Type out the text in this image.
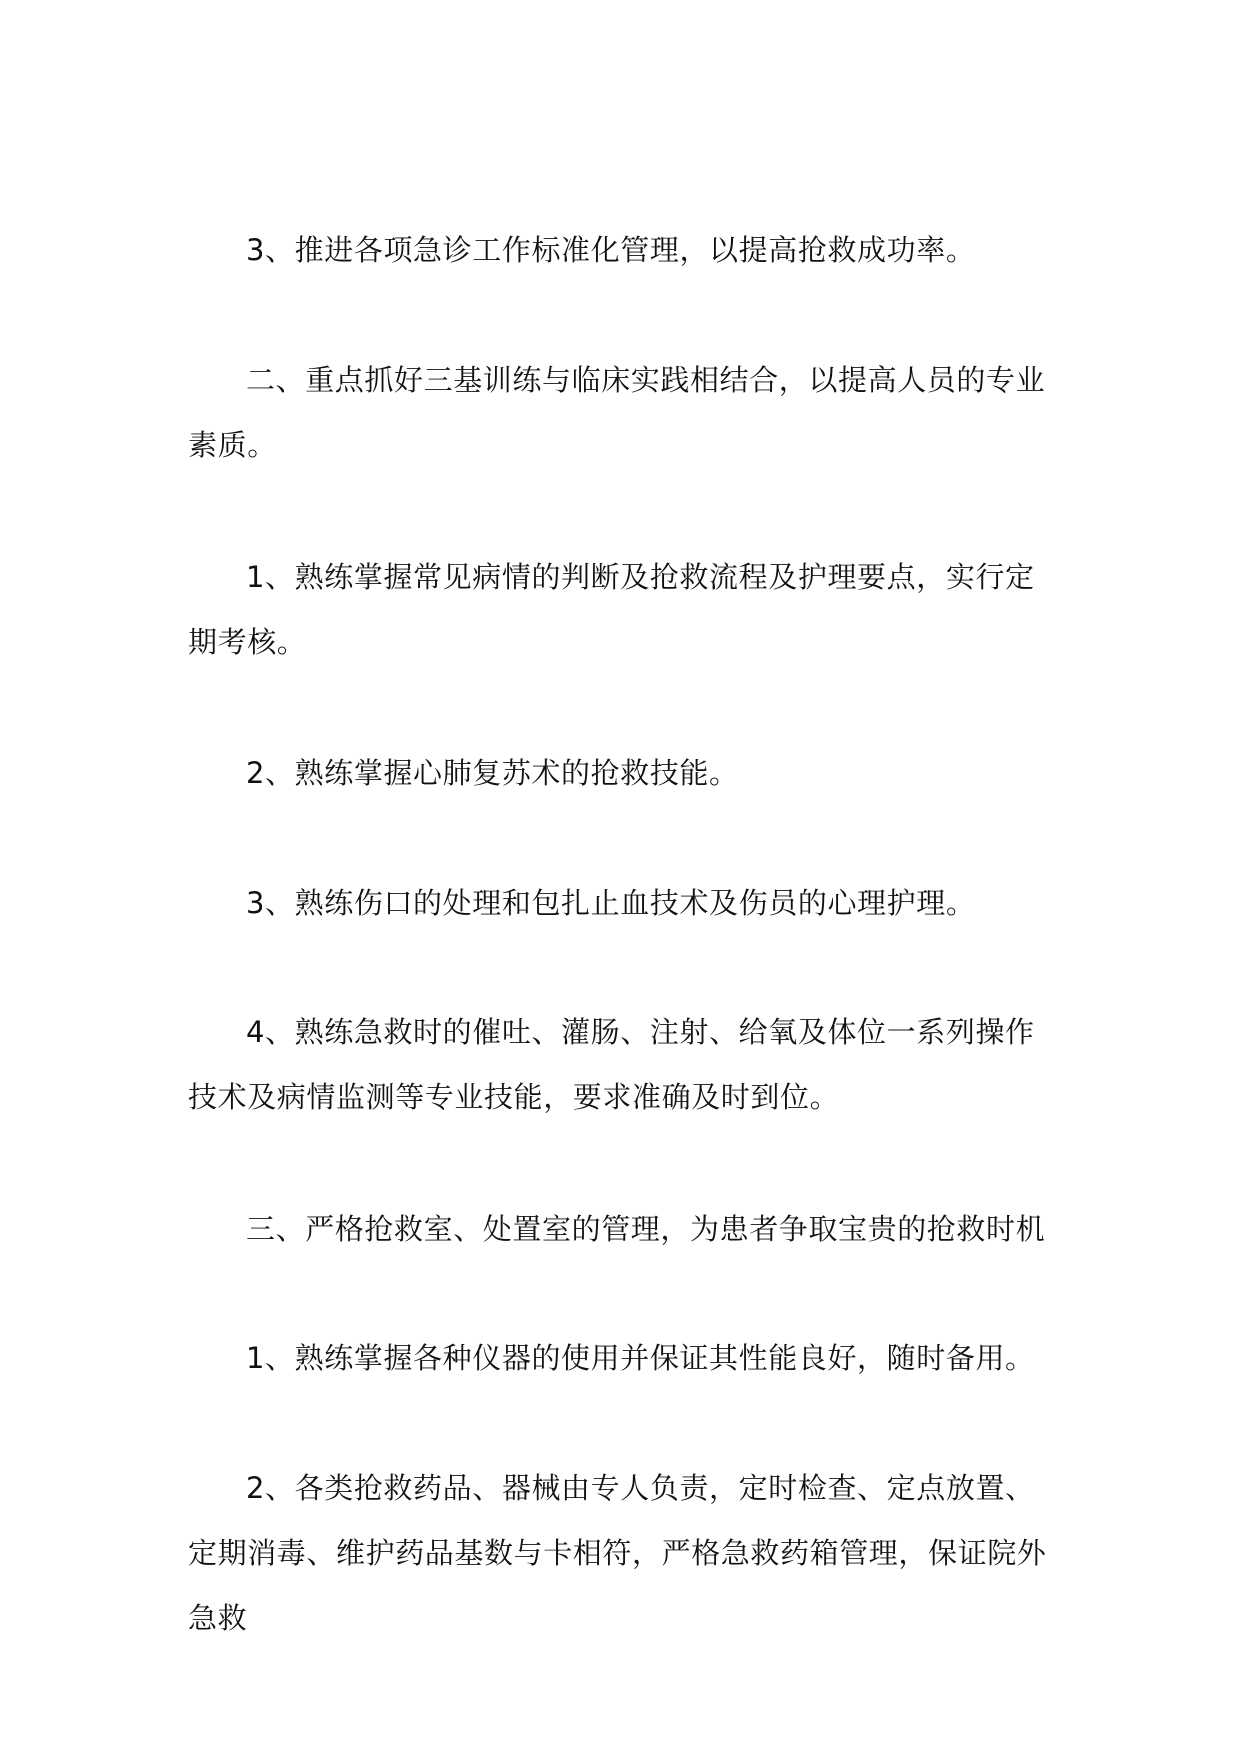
3、推进各项急诊工作标准化管理，以提高抢救成功率。

二、重点抓好三基训练与临床实践相结合，以提高人员的专业素质。

1、熟练掌握常见病情的判断及抢救流程及护理要点，实行定期考核。

2、熟练掌握心肺复苏术的抢救技能。

3、熟练伤口的处理和包扎止血技术及伤员的心理护理。

4、熟练急救时的催吐、灌肠、注射、给氧及体位一系列操作技术及病情监测等专业技能，要求准确及时到位。

三、严格抢救室、处置室的管理，为患者争取宝贵的抢救时机

1、熟练掌握各种仪器的使用并保证其性能良好，随时备用。

2、各类抢救药品、器械由专人负责，定时检查、定点放置、定期消毒、维护药品基数与卡相符，严格急救药箱管理，保证院外急救
